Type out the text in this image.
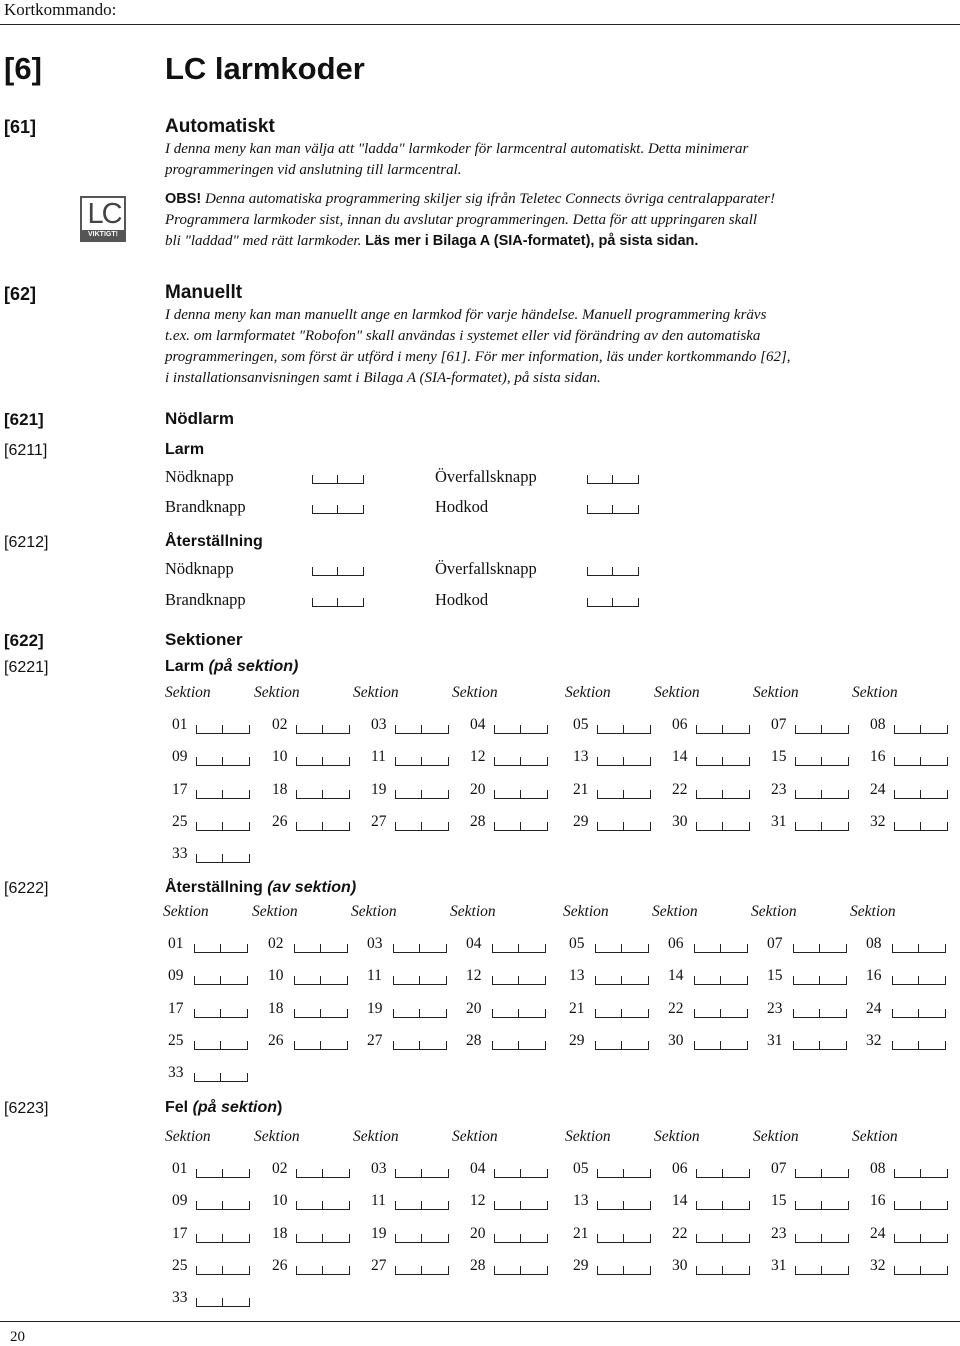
Kortkommando:
[6]	LC larmkoder
[61]	Automatiskt
I denna meny kan man välja att "ladda" larmkoder för larmcentral automatiskt. Detta minimerar
programmeringen vid anslutning till larmcentral.
OBS! Denna automatiska programmering skiljer sig ifrån Teletec Connects övriga centralapparater!
Programmera larmkoder sist, innan du avslutar programmeringen. Detta för att uppringaren skall
bli "laddad" med rätt larmkoder. Läs mer i Bilaga A (SIA-formatet), på sista sidan.
LC
VIKTIGT!
[62]	Manuellt
I denna meny kan man manuellt ange en larmkod för varje händelse. Manuell programmering krävs
t.ex. om larmformatet "Robofon" skall användas i systemet eller vid förändring av den automatiska
programmeringen, som först är utförd i meny [61]. För mer information, läs under kortkommando [62],
i installationsanvisningen samt i Bilaga A (SIA-formatet), på sista sidan.
[621]	Nödlarm
[6211]	Larm
Nödknapp	Överfallsknapp
Brandknapp	Hodkod
[6212]	Återställning
Nödknapp	Överfallsknapp
Brandknapp	Hodkod
[622]	Sektioner
[6221]	Larm (på sektion)
Sektion	Sektion	Sektion	Sektion	Sektion	Sektion	Sektion	Sektion
01	02	03	04	05	06	07	08
09	10	11	12	13	14	15	16
17	18	19	20	21	22	23	24
25	26	27	28	29	30	31	32
33
[6222]	Återställning (av sektion)
Sektion	Sektion	Sektion	Sektion	Sektion	Sektion	Sektion	Sektion
01	02	03	04	05	06	07	08
09	10	11	12	13	14	15	16
17	18	19	20	21	22	23	24
25	26	27	28	29	30	31	32
33
[6223]	Fel (på sektion)
Sektion	Sektion	Sektion	Sektion	Sektion	Sektion	Sektion	Sektion
01	02	03	04	05	06	07	08
09	10	11	12	13	14	15	16
17	18	19	20	21	22	23	24
25	26	27	28	29	30	31	32
33
20
